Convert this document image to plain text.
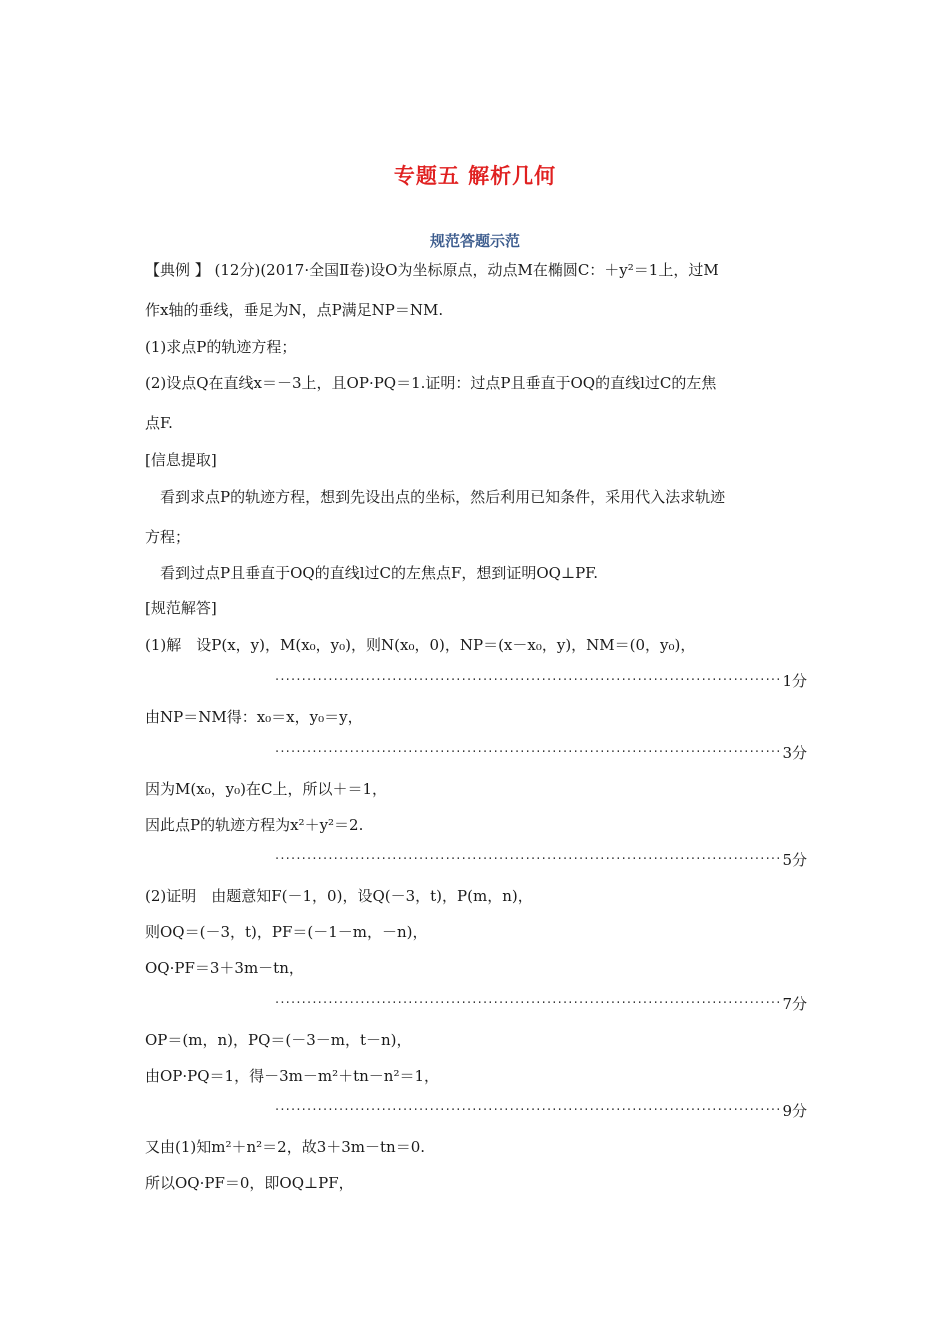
专题五 解析几何
规范答题示范
【典例 】 (12分)(2017·全国Ⅱ卷)设O为坐标原点，动点M在椭圆C：＋y²＝1上，过M
作x轴的垂线，垂足为N，点P满足NP＝NM.
(1)求点P的轨迹方程；
(2)设点Q在直线x＝－3上，且OP·PQ＝1.证明：过点P且垂直于OQ的直线l过C的左焦
点F.
[信息提取]
看到求点P的轨迹方程，想到先设出点的坐标，然后利用已知条件，采用代入法求轨迹
方程；
看到过点P且垂直于OQ的直线l过C的左焦点F，想到证明OQ⊥PF.
[规范解答]
(1)解　设P(x，y)，M(x₀，y₀)，则N(x₀，0)，NP＝(x－x₀，y)，NM＝(0，y₀)，
·····
1分
由NP＝NM得：x₀＝x，y₀＝y，
·····
3分
因为M(x₀，y₀)在C上，所以＋＝1，
因此点P的轨迹方程为x²＋y²＝2.
·····
5分
(2)证明　由题意知F(－1，0)，设Q(－3，t)，P(m，n)，
则OQ＝(－3，t)，PF＝(－1－m，－n)，
OQ·PF＝3＋3m－tn，
·····
7分
OP＝(m，n)，PQ＝(－3－m，t－n)，
由OP·PQ＝1，得－3m－m²＋tn－n²＝1，
·····
9分
又由(1)知m²＋n²＝2，故3＋3m－tn＝0.
所以OQ·PF＝0，即OQ⊥PF，
